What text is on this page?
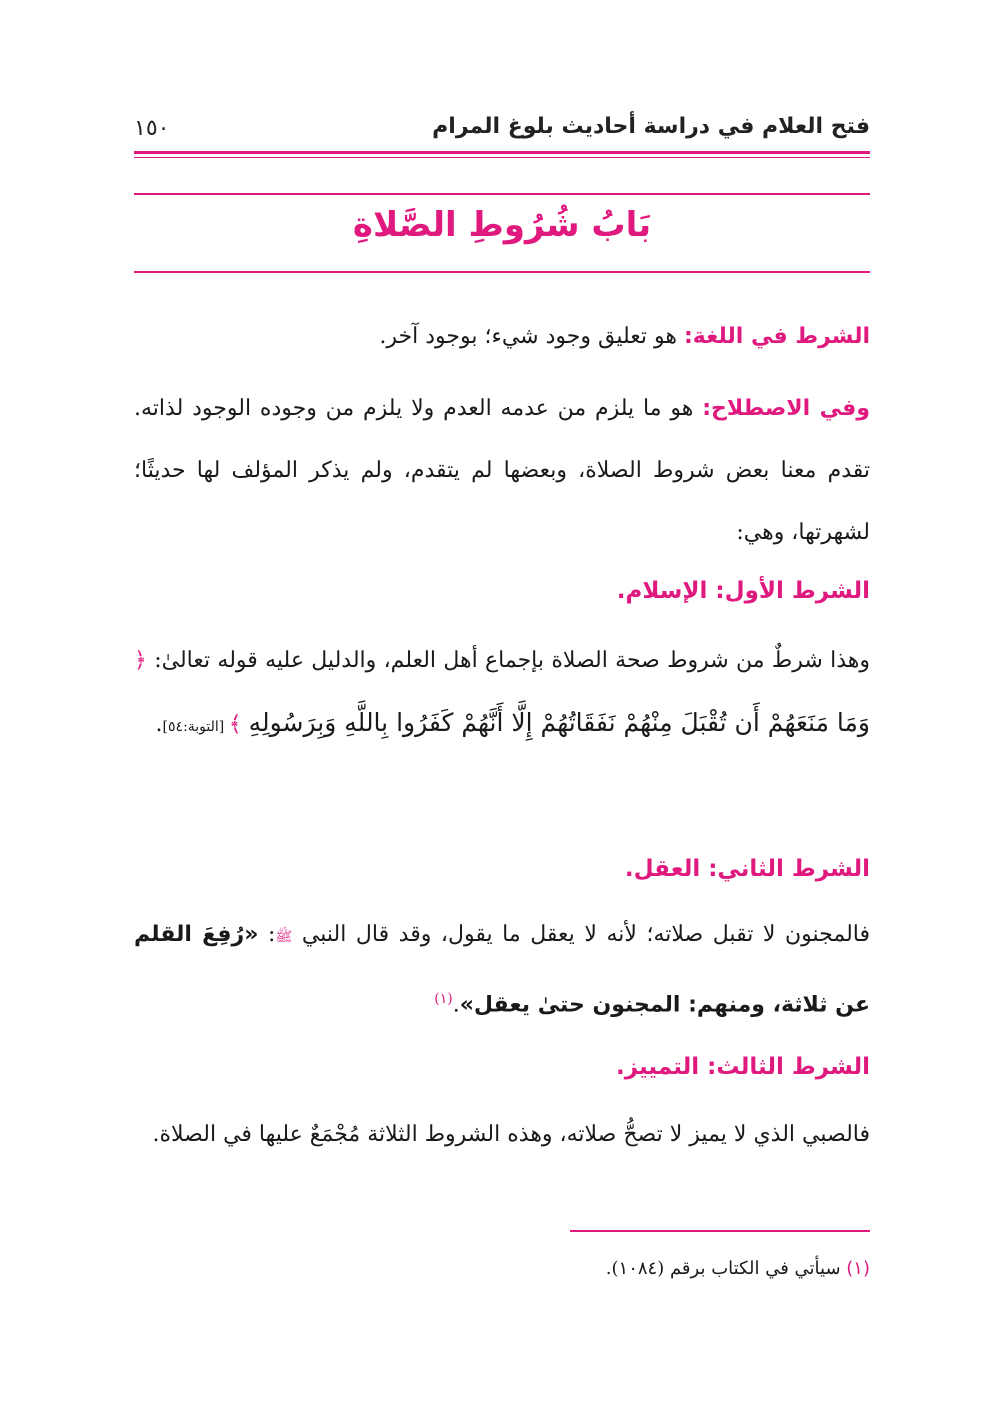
فتح العلام في دراسة أحاديث بلوغ المرام
١٥٠
بَابُ شُرُوطِ الصَّلاةِ
الشرط في اللغة: هو تعليق وجود شيء؛ بوجود آخر.
وفي الاصطلاح: هو ما يلزم من عدمه العدم ولا يلزم من وجوده الوجود لذاته. تقدم معنا بعض شروط الصلاة، وبعضها لم يتقدم، ولم يذكر المؤلف لها حديثًا؛ لشهرتها، وهي:
الشرط الأول: الإسلام.
وهذا شرطٌ من شروط صحة الصلاة بإجماع أهل العلم، والدليل عليه قوله تعالىٰ: ﴿ وَمَا مَنَعَهُمْ أَن تُقْبَلَ مِنْهُمْ نَفَقَاتُهُمْ إِلَّا أَنَّهُمْ كَفَرُوا بِاللَّهِ وَبِرَسُولِهِ ﴾ [التوبة:٥٤].
الشرط الثاني: العقل.
فالمجنون لا تقبل صلاته؛ لأنه لا يعقل ما يقول، وقد قال النبي ﷺ: «رُفِعَ القلم عن ثلاثة، ومنهم: المجنون حتىٰ يعقل».$^{(١)}$
الشرط الثالث: التمييز.
فالصبي الذي لا يميز لا تصحُّ صلاته، وهذه الشروط الثلاثة مُجْمَعٌ عليها في الصلاة.
(١) سيأتي في الكتاب برقم (١٠٨٤).
